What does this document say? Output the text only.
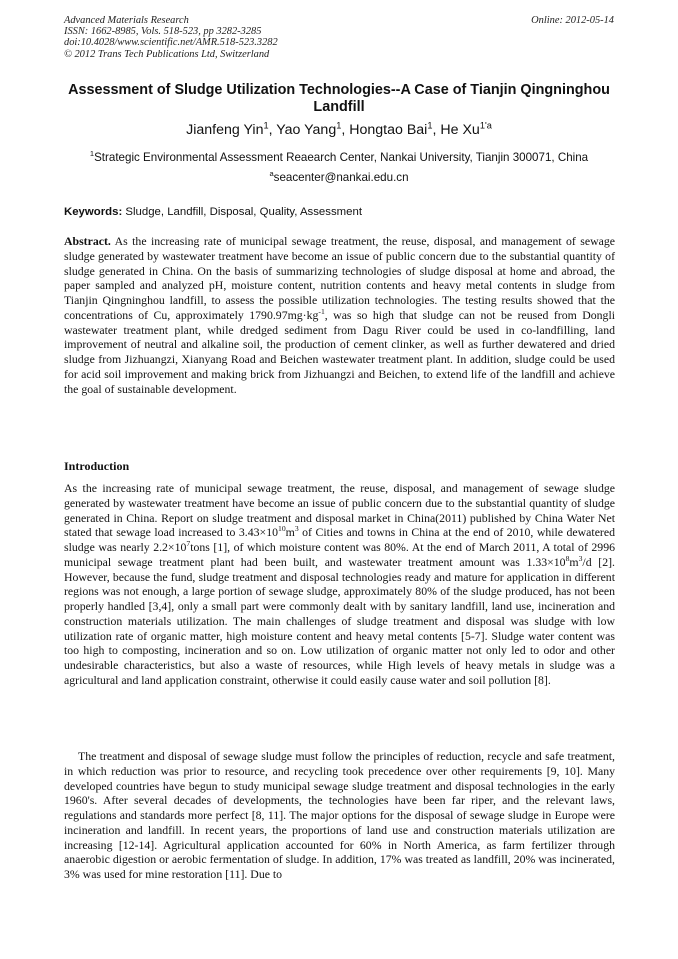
Advanced Materials Research
ISSN: 1662-8985, Vols. 518-523, pp 3282-3285
doi:10.4028/www.scientific.net/AMR.518-523.3282
© 2012 Trans Tech Publications Ltd, Switzerland
Online: 2012-05-14
Assessment of Sludge Utilization Technologies--A Case of Tianjin Qingninghou Landfill
Jianfeng Yin$^1$, Yao Yang$^1$, Hongtao Bai$^1$, He $Xu^{1'a}$
$^1$Strategic Environmental Assessment Reaearch Center, Nankai University, Tianjin 300071, China
$^a$seacenter@nankai.edu.cn
Keywords: Sludge, Landfill, Disposal, Quality, Assessment
Abstract. As the increasing rate of municipal sewage treatment, the reuse, disposal, and management of sewage sludge generated by wastewater treatment have become an issue of public concern due to the substantial quantity of sludge generated in China. On the basis of summarizing technologies of sludge disposal at home and abroad, the paper sampled and analyzed pH, moisture content, nutrition contents and heavy metal contents in sludge from Tianjin Qingninghou landfill, to assess the possible utilization technologies. The testing results showed that the concentrations of Cu, approximately $1790.97mg\cdot kg^{-1}$, was so high that sludge can not be reused from Dongli wastewater treatment plant, while dredged sediment from Dagu River could be used in co-landfilling, land improvement of neutral and alkaline soil, the production of cement clinker, as well as further dewatered and dried sludge from Jizhuangzi, Xianyang Road and Beichen wastewater treatment plant. In addition, sludge could be used for acid soil improvement and making brick from Jizhuangzi and Beichen, to extend life of the landfill and achieve the goal of sustainable development.
Introduction
As the increasing rate of municipal sewage treatment, the reuse, disposal, and management of sewage sludge generated by wastewater treatment have become an issue of public concern due to the substantial quantity of sludge generated in China. Report on sludge treatment and disposal market in China(2011) published by China Water Net stated that sewage load increased to $3.43\times 10^{10}m^3$ of Cities and towns in China at the end of 2010, while dewatered sludge was nearly $2.2\times 10^7tons$ [1], of which moisture content was 80%. At the end of March 2011, A total of 2996 municipal sewage treatment plant had been built, and wastewater treatment amount was $1.33\times 10^8m^3/d$ [2]. However, because the fund, sludge treatment and disposal technologies ready and mature for application in different regions was not enough, a large portion of sewage sludge, approximately 80% of the sludge produced, has not been properly handled [3,4], only a small part were commonly dealt with by sanitary landfill, land use, incineration and construction materials utilization. The main challenges of sludge treatment and disposal was sludge with low utilization rate of organic matter, high moisture content and heavy metal contents [5-7]. Sludge water content was too high to composting, incineration and so on. Low utilization of organic matter not only led to odor and other undesirable characteristics, but also a waste of resources, while High levels of heavy metals in sludge was a agricultural and land application constraint, otherwise it could easily cause water and soil pollution [8].
The treatment and disposal of sewage sludge must follow the principles of reduction, recycle and safe treatment, in which reduction was prior to resource, and recycling took precedence over other requirements [9, 10]. Many developed countries have begun to study municipal sewage sludge treatment and disposal technologies in the early 1960's. After several decades of developments, the technologies have been far riper, and the relevant laws, regulations and standards more perfect [8, 11]. The major options for the disposal of sewage sludge in Europe were incineration and landfill. In recent years, the proportions of land use and construction materials utilization are increasing [12-14]. Agricultural application accounted for 60% in North America, as farm fertilizer through anaerobic digestion or aerobic fermentation of sludge. In addition, 17% was treated as landfill, 20% was incinerated, 3% was used for mine restoration [11]. Due to
